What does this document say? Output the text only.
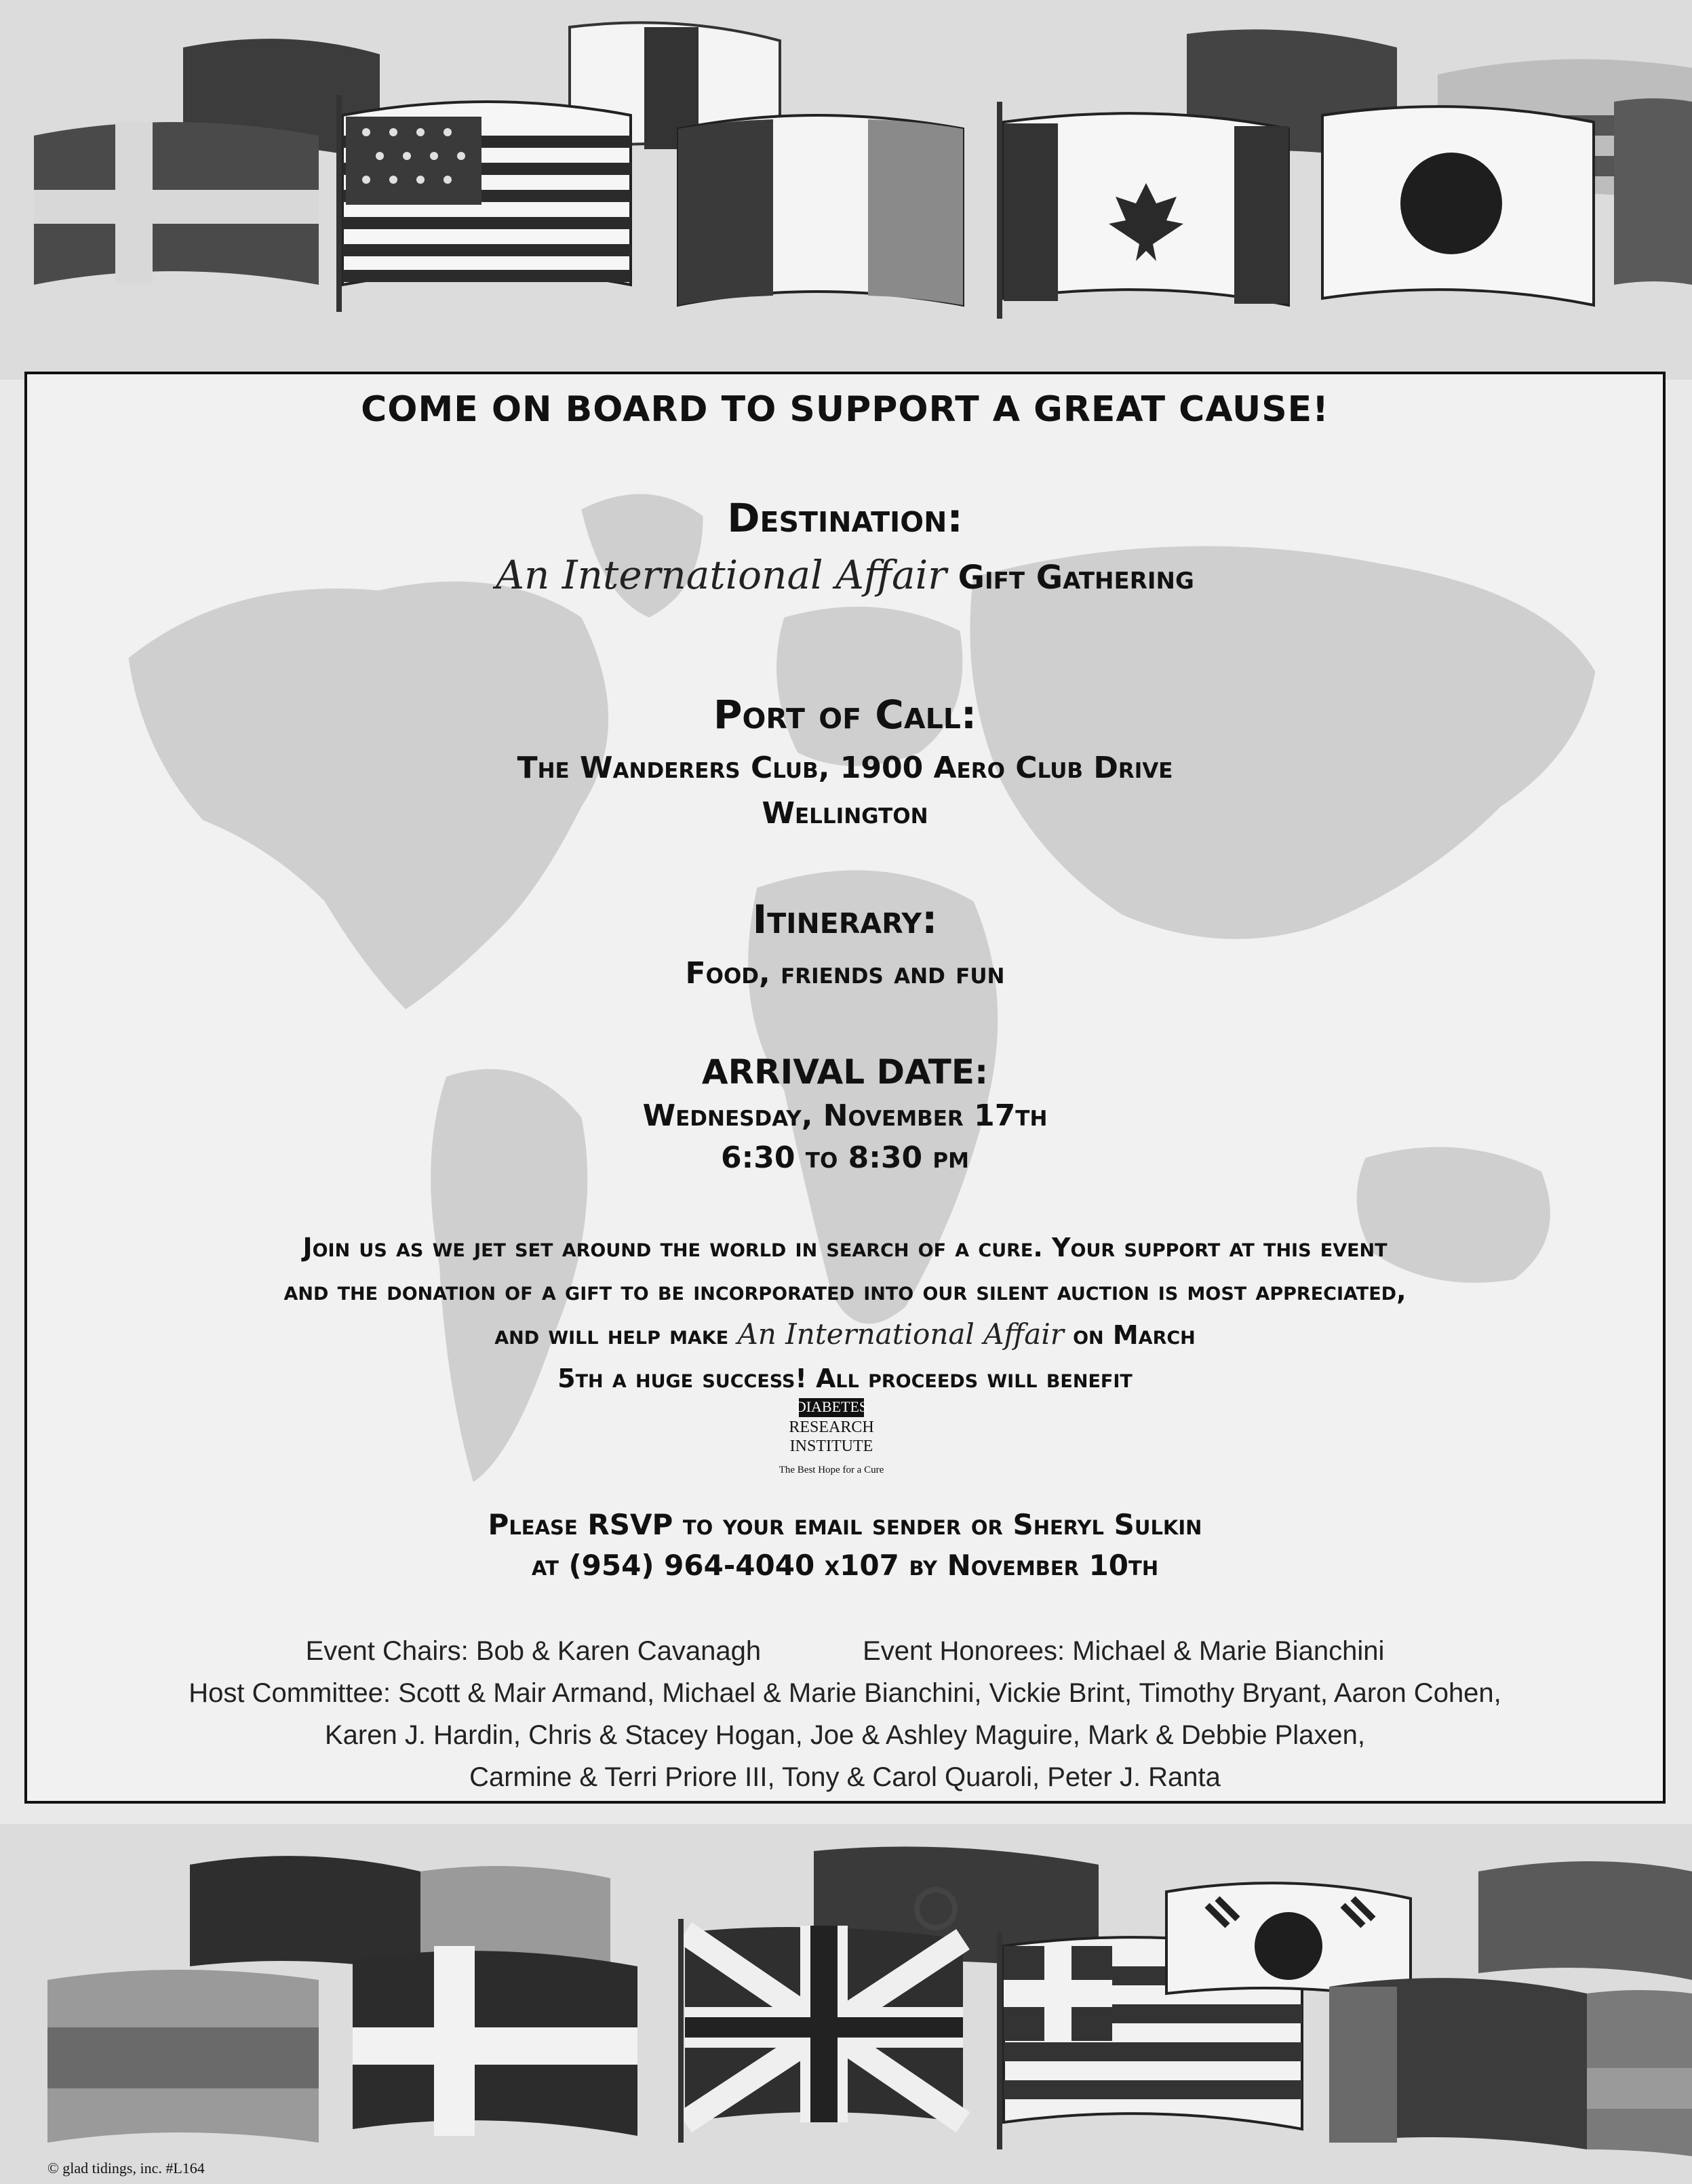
COME ON BOARD TO SUPPORT A GREAT CAUSE!
Destination:
An International Affair Gift Gathering
Port of Call:
The Wanderers Club, 1900 Aero Club Drive
Wellington
Itinerary:
Food, friends and fun
ARRIVAL DATE:
Wednesday, November 17th
6:30 to 8:30 pm
Join us as we jet set around the world in search of a cure. Your support at this event
and the donation of a gift to be incorporated into our silent auction is most appreciated,
and will help make An International Affair on March
5th a huge success! All proceeds will benefit
DIABETES
RESEARCH
INSTITUTE
The Best Hope for a Cure
Please RSVP to your email sender or Sheryl Sulkin
at (954) 964-4040 x107 by November 10th
Event Chairs: Bob & Karen Cavanagh	Event Honorees: Michael & Marie Bianchini
Host Committee: Scott & Mair Armand, Michael & Marie Bianchini, Vickie Brint, Timothy Bryant, Aaron Cohen,
Karen J. Hardin, Chris & Stacey Hogan, Joe & Ashley Maguire, Mark & Debbie Plaxen,
Carmine & Terri Priore III, Tony & Carol Quaroli, Peter J. Ranta
© glad tidings, inc. #L164
